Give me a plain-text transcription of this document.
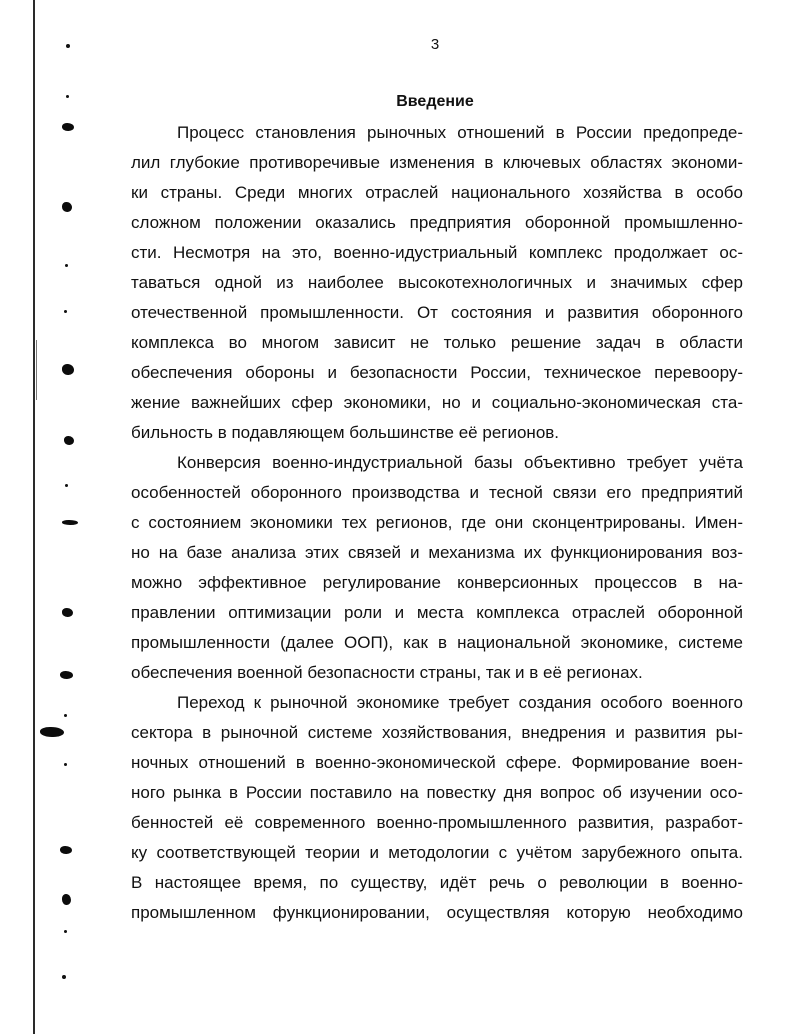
3
Введение
Процесс становления рыночных отношений в России предопреде-
лил глубокие противоречивые изменения в ключевых областях экономи-
ки страны. Среди многих отраслей национального хозяйства в особо
сложном положении оказались предприятия оборонной промышленно-
сти. Несмотря на это, военно-идустриальный комплекс продолжает ос-
таваться одной из наиболее высокотехнологичных и значимых сфер
отечественной промышленности. От состояния и развития оборонного
комплекса во многом зависит не только решение задач в области
обеспечения обороны и безопасности России, техническое перевоору-
жение важнейших сфер экономики, но и социально-экономическая ста-
бильность в подавляющем большинстве её регионов.
Конверсия военно-индустриальной базы объективно требует учёта
особенностей оборонного производства и тесной связи его предприятий
с состоянием экономики тех регионов, где они сконцентрированы. Имен-
но на базе анализа этих связей и механизма их функционирования воз-
можно эффективное регулирование конверсионных процессов в на-
правлении оптимизации роли и места комплекса отраслей оборонной
промышленности (далее ООП), как в национальной экономике, системе
обеспечения военной безопасности страны, так и в её регионах.
Переход к рыночной экономике требует создания особого военного
сектора в рыночной системе хозяйствования, внедрения и развития ры-
ночных отношений в военно-экономической сфере. Формирование воен-
ного рынка в России поставило на повестку дня вопрос об изучении осо-
бенностей её современного военно-промышленного развития, разработ-
ку соответствующей теории и методологии с учётом зарубежного опыта.
В настоящее время, по существу, идёт речь о революции в военно-
промышленном функционировании, осуществляя которую необходимо
